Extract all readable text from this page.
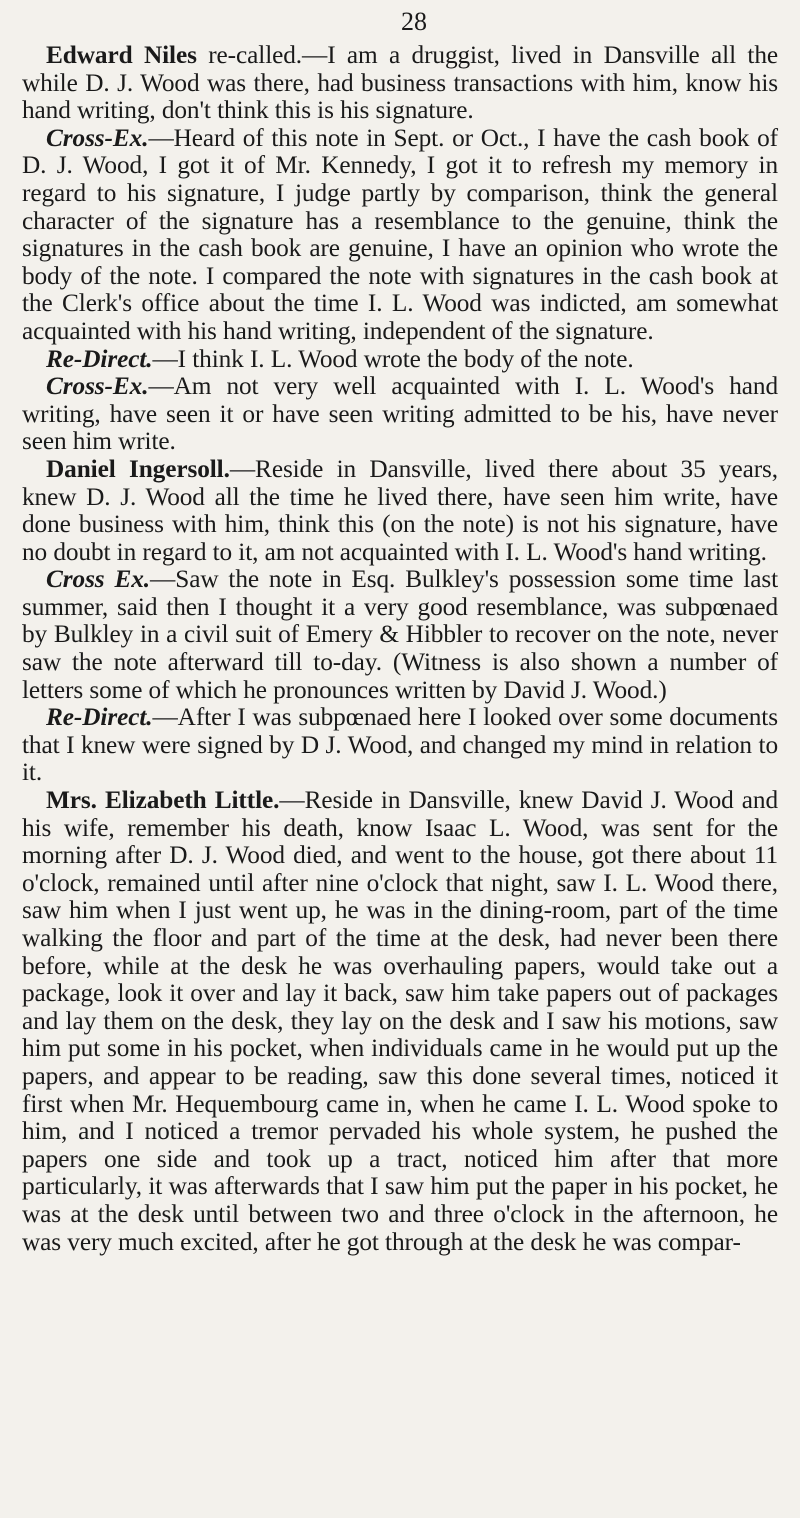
28

Edward Niles re-called.—I am a druggist, lived in Dansville all the while D. J. Wood was there, had business transactions with him, know his hand writing, don't think this is his signature.

Cross-Ex.—Heard of this note in Sept. or Oct., I have the cash book of D. J. Wood, I got it of Mr. Kennedy, I got it to refresh my memory in regard to his signature, I judge partly by comparison, think the general character of the signature has a resemblance to the genuine, think the signatures in the cash book are genuine, I have an opinion who wrote the body of the note. I compared the note with signatures in the cash book at the Clerk's office about the time I. L. Wood was indicted, am somewhat acquainted with his hand writing, independent of the signature.

Re-Direct.—I think I. L. Wood wrote the body of the note.

Cross-Ex.—Am not very well acquainted with I. L. Wood's hand writing, have seen it or have seen writing admitted to be his, have never seen him write.

Daniel Ingersoll.—Reside in Dansville, lived there about 35 years, knew D. J. Wood all the time he lived there, have seen him write, have done business with him, think this (on the note) is not his signature, have no doubt in regard to it, am not acquainted with I. L. Wood's hand writing.

Cross Ex.—Saw the note in Esq. Bulkley's possession some time last summer, said then I thought it a very good resemblance, was subpœnaed by Bulkley in a civil suit of Emery & Hibbler to recover on the note, never saw the note afterward till to-day. (Witness is also shown a number of letters some of which he pronounces written by David J. Wood.)

Re-Direct.—After I was subpœnaed here I looked over some documents that I knew were signed by D J. Wood, and changed my mind in relation to it.

Mrs. Elizabeth Little.—Reside in Dansville, knew David J. Wood and his wife, remember his death, know Isaac L. Wood, was sent for the morning after D. J. Wood died, and went to the house, got there about 11 o'clock, remained until after nine o'clock that night, saw I. L. Wood there, saw him when I just went up, he was in the dining-room, part of the time walking the floor and part of the time at the desk, had never been there before, while at the desk he was overhauling papers, would take out a package, look it over and lay it back, saw him take papers out of packages and lay them on the desk, they lay on the desk and I saw his motions, saw him put some in his pocket, when individuals came in he would put up the papers, and appear to be reading, saw this done several times, noticed it first when Mr. Hequembourg came in, when he came I. L. Wood spoke to him, and I noticed a tremor pervaded his whole system, he pushed the papers one side and took up a tract, noticed him after that more particularly, it was afterwards that I saw him put the paper in his pocket, he was at the desk until between two and three o'clock in the afternoon, he was very much excited, after he got through at the desk he was compar-
